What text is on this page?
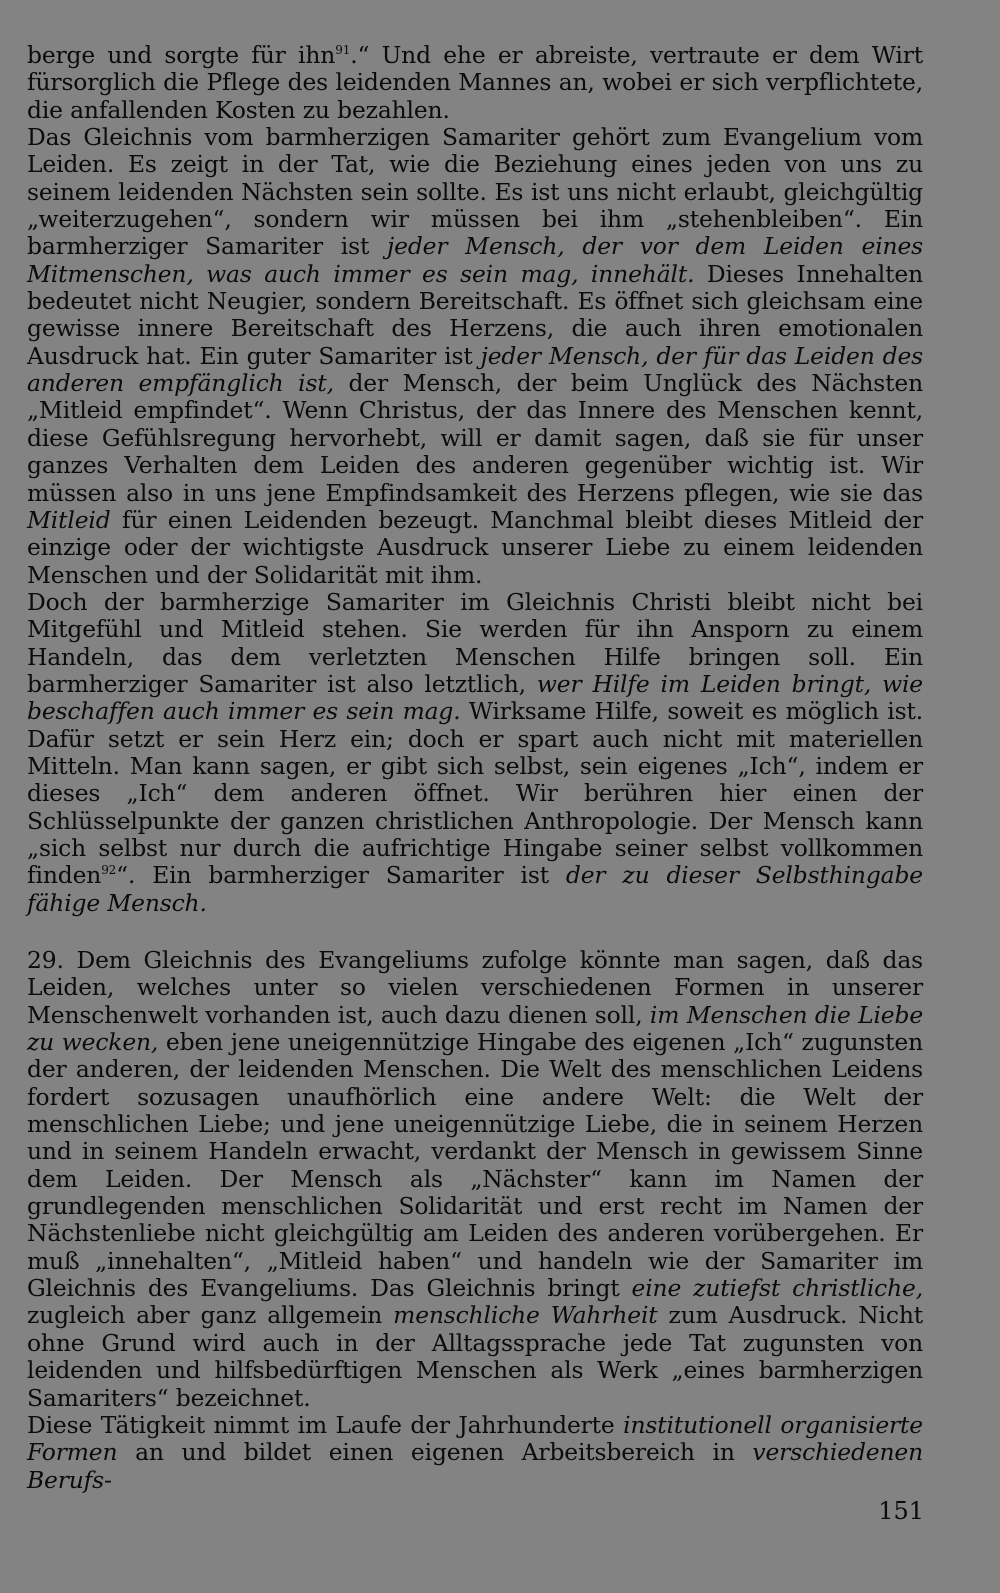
berge und sorgte für ihn$^{91}$.“ Und ehe er abreiste, vertraute er dem Wirt fürsorglich die Pflege des leidenden Mannes an, wobei er sich verpflichtete, die anfallenden Kosten zu bezahlen.

Das Gleichnis vom barmherzigen Samariter gehört zum Evangelium vom Leiden. Es zeigt in der Tat, wie die Beziehung eines jeden von uns zu seinem leidenden Nächsten sein sollte. Es ist uns nicht erlaubt, gleichgültig „weiterzugehen“, sondern wir müssen bei ihm „stehenbleiben“. Ein barmherziger Samariter ist jeder Mensch, der vor dem Leiden eines Mitmenschen, was auch immer es sein mag, innehält. Dieses Innehalten bedeutet nicht Neugier, sondern Bereitschaft. Es öffnet sich gleichsam eine gewisse innere Bereitschaft des Herzens, die auch ihren emotionalen Ausdruck hat. Ein guter Samariter ist jeder Mensch, der für das Leiden des anderen empfänglich ist, der Mensch, der beim Unglück des Nächsten „Mitleid empfindet“. Wenn Christus, der das Innere des Menschen kennt, diese Gefühlsregung hervorhebt, will er damit sagen, daß sie für unser ganzes Verhalten dem Leiden des anderen gegenüber wichtig ist. Wir müssen also in uns jene Empfindsamkeit des Herzens pflegen, wie sie das Mitleid für einen Leidenden bezeugt. Manchmal bleibt dieses Mitleid der einzige oder der wichtigste Ausdruck unserer Liebe zu einem leidenden Menschen und der Solidarität mit ihm.

Doch der barmherzige Samariter im Gleichnis Christi bleibt nicht bei Mitgefühl und Mitleid stehen. Sie werden für ihn Ansporn zu einem Handeln, das dem verletzten Menschen Hilfe bringen soll. Ein barmherziger Samariter ist also letztlich, wer Hilfe im Leiden bringt, wie beschaffen auch immer es sein mag. Wirksame Hilfe, soweit es möglich ist. Dafür setzt er sein Herz ein; doch er spart auch nicht mit materiellen Mitteln. Man kann sagen, er gibt sich selbst, sein eigenes „Ich“, indem er dieses „Ich“ dem anderen öffnet. Wir berühren hier einen der Schlüsselpunkte der ganzen christlichen Anthropologie. Der Mensch kann „sich selbst nur durch die aufrichtige Hingabe seiner selbst vollkommen finden$^{92}$“. Ein barmherziger Samariter ist der zu dieser Selbsthingabe fähige Mensch.

29. Dem Gleichnis des Evangeliums zufolge könnte man sagen, daß das Leiden, welches unter so vielen verschiedenen Formen in unserer Menschenwelt vorhanden ist, auch dazu dienen soll, im Menschen die Liebe zu wecken, eben jene uneigennützige Hingabe des eigenen „Ich“ zugunsten der anderen, der leidenden Menschen. Die Welt des menschlichen Leidens fordert sozusagen unaufhörlich eine andere Welt: die Welt der menschlichen Liebe; und jene uneigennützige Liebe, die in seinem Herzen und in seinem Handeln erwacht, verdankt der Mensch in gewissem Sinne dem Leiden. Der Mensch als „Nächster“ kann im Namen der grundlegenden menschlichen Solidarität und erst recht im Namen der Nächstenliebe nicht gleichgültig am Leiden des anderen vorübergehen. Er muß „innehalten“, „Mitleid haben“ und handeln wie der Samariter im Gleichnis des Evangeliums. Das Gleichnis bringt eine zutiefst christliche, zugleich aber ganz allgemein menschliche Wahrheit zum Ausdruck. Nicht ohne Grund wird auch in der Alltagssprache jede Tat zugunsten von leidenden und hilfsbedürftigen Menschen als Werk „eines barmherzigen Samariters“ bezeichnet.

Diese Tätigkeit nimmt im Laufe der Jahrhunderte institutionell organisierte Formen an und bildet einen eigenen Arbeitsbereich in verschiedenen Berufs-

151
